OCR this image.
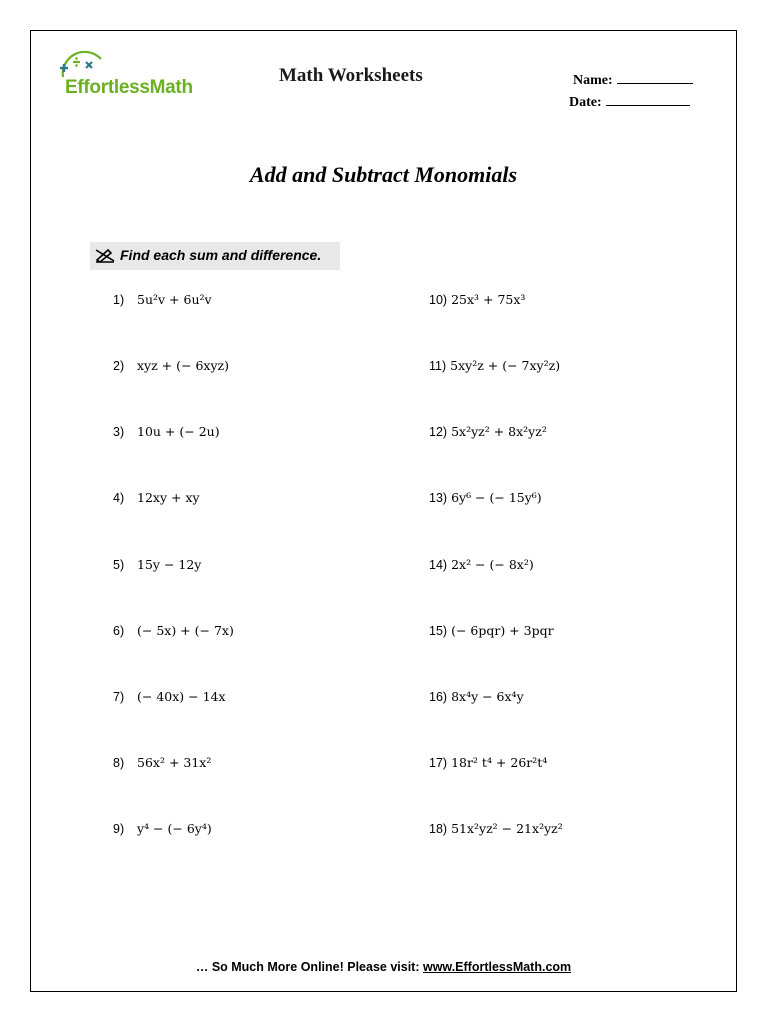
EffortlessMath
Math Worksheets	Name:
Date:
Add and Subtract Monomials
Find each sum and difference.
1) 5u²v + 6u²v
2) xyz + (− 6xyz)
3) 10u + (− 2u)
4) 12xy + xy
5) 15y − 12y
6) (− 5x) + (− 7x)
7) (− 40x) − 14x
8) 56x² + 31x²
9) y⁴ − (− 6y⁴)
10) 25x³ + 75x³
11) 5xy²z + (− 7xy²z)
12) 5x²yz² + 8x²yz²
13) 6y⁶ − (− 15y⁶)
14) 2x² − (− 8x²)
15) (− 6pqr) + 3pqr
16) 8x⁴y − 6x⁴y
17) 18r² t⁴ + 26r²t⁴
18) 51x²yz² − 21x²yz²
… So Much More Online! Please visit: www.EffortlessMath.com
